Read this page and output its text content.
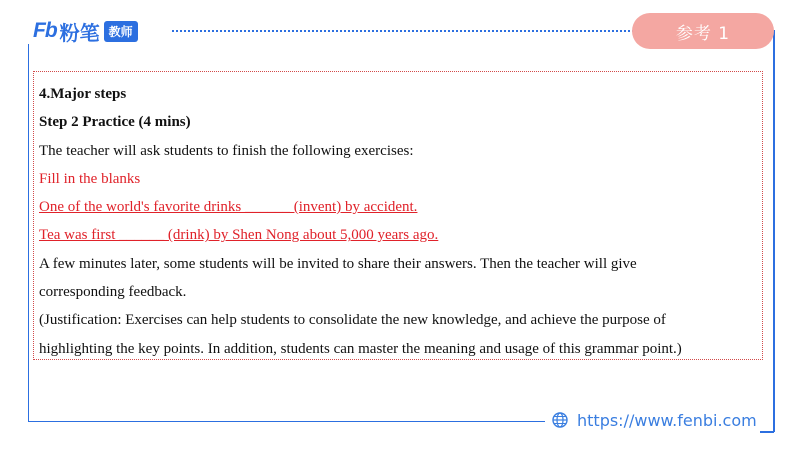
Fb 粉笔 教师	参考 1
4.Major steps
Step 2 Practice (4 mins)
The teacher will ask students to finish the following exercises:
Fill in the blanks
One of the world's favorite drinks ______ (invent) by accident.
Tea was first ______ (drink) by Shen Nong about 5,000 years ago.
A few minutes later, some students will be invited to share their answers. Then the teacher will give
corresponding feedback.
(Justification: Exercises can help students to consolidate the new knowledge, and achieve the purpose of
highlighting the key points. In addition, students can master the meaning and usage of this grammar point.)
https://www.fenbi.com
